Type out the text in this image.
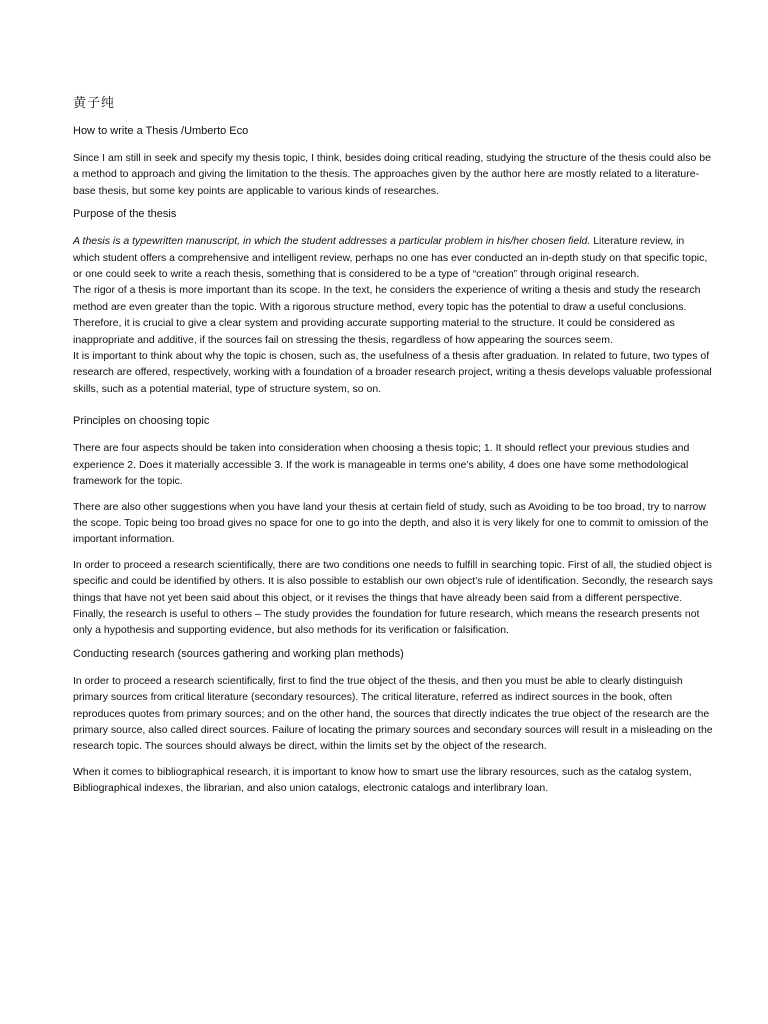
黄子纯
How to write a Thesis /Umberto Eco

Since I am still in seek and specify my thesis topic, I think, besides doing critical reading, studying the structure of the thesis could also be a method to approach and giving the limitation to the thesis. The approaches given by the author here are mostly related to a literature-base thesis, but some key points are applicable to various kinds of researches.

Purpose of the thesis

A thesis is a typewritten manuscript, in which the student addresses a particular problem in his/her chosen field. Literature review, in which student offers a comprehensive and intelligent review, perhaps no one has ever conducted an in-depth study on that specific topic, or one could seek to write a reach thesis, something that is considered to be a type of “creation” through original research.

The rigor of a thesis is more important than its scope. In the text, he considers the experience of writing a thesis and study the research method are even greater than the topic. With a rigorous structure method, every topic has the potential to draw a useful conclusions. Therefore, it is crucial to give a clear system and providing accurate supporting material to the structure. It could be considered as inappropriate and additive, if the sources fail on stressing the thesis, regardless of how appearing the sources seem.

It is important to think about why the topic is chosen, such as, the usefulness of a thesis after graduation. In related to future, two types of research are offered, respectively, working with a foundation of a broader research project, writing a thesis develops valuable professional skills, such as a potential material, type of structure system, so on.

Principles on choosing topic

There are four aspects should be taken into consideration when choosing a thesis topic; 1. It should reflect your previous studies and experience 2. Does it materially accessible 3. If the work is manageable in terms one’s ability, 4 does one have some methodological framework for the topic.

There are also other suggestions when you have land your thesis at certain field of study, such as Avoiding to be too broad, try to narrow the scope. Topic being too broad gives no space for one to go into the depth, and also it is very likely for one to commit to omission of the important information.

In order to proceed a research scientifically, there are two conditions one needs to fulfill in searching topic. First of all, the studied object is specific and could be identified by others. It is also possible to establish our own object’s rule of identification. Secondly, the research says things that have not yet been said about this object, or it revises the things that have already been said from a different perspective. Finally, the research is useful to others – The study provides the foundation for future research, which means the research presents not only a hypothesis and supporting evidence, but also methods for its verification or falsification.

Conducting research (sources gathering and working plan methods)

In order to proceed a research scientifically, first to find the true object of the thesis, and then you must be able to clearly distinguish primary sources from critical literature (secondary resources). The critical literature, referred as indirect sources in the book, often reproduces quotes from primary sources; and on the other hand, the sources that directly indicates the true object of the research are the primary source, also called direct sources. Failure of locating the primary sources and secondary sources will result in a misleading on the research topic. The sources should always be direct, within the limits set by the object of the research.

When it comes to bibliographical research, it is important to know how to smart use the library resources, such as the catalog system, Bibliographical indexes, the librarian, and also union catalogs, electronic catalogs and interlibrary loan.
